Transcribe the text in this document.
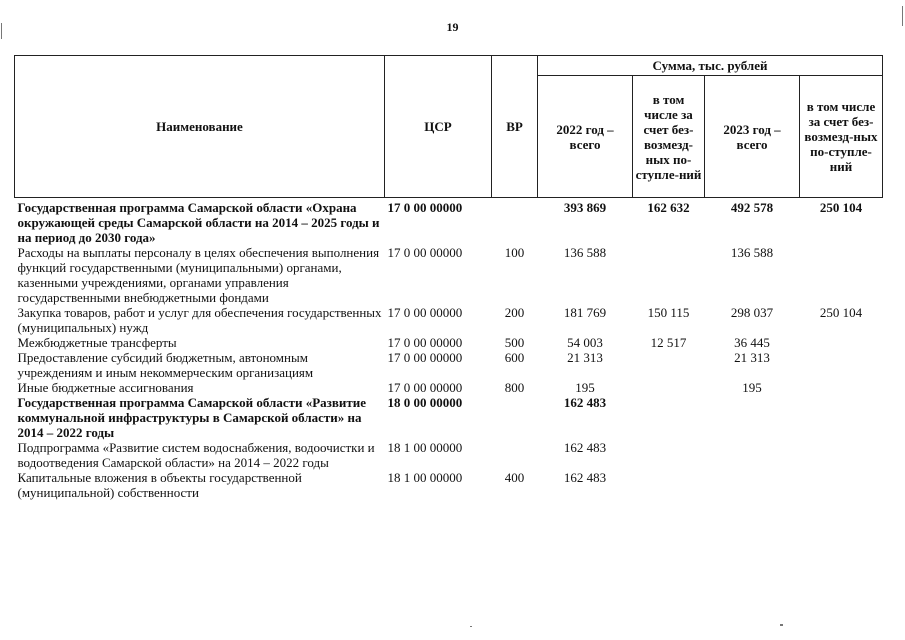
19
Наименование	ЦСР	ВР	Сумма, тыс. рублей			
			2022 год – всего	в том числе за счет без-возмезд-ных по-ступле-ний	2023 год – всего	в том числе за счет без-возмезд-ных по-ступле-ний
Государственная программа Самарской области «Охрана окружающей среды Самарской области на 2014 – 2025 годы и на период до 2030 года»	17 0 00 00000		393 869	162 632	492 578	250 104
Расходы на выплаты персоналу в целях обеспечения выполнения функций государственными (муниципальными) органами, казенными учреждениями, органами управления государственными внебюджетными фондами	17 0 00 00000	100	136 588		136 588	
Закупка товаров, работ и услуг для обеспечения государственных (муниципальных) нужд	17 0 00 00000	200	181 769	150 115	298 037	250 104
Межбюджетные трансферты	17 0 00 00000	500	54 003	12 517	36 445	
Предоставление субсидий бюджетным, автономным учреждениям и иным некоммерческим организациям	17 0 00 00000	600	21 313		21 313	
Иные бюджетные ассигнования	17 0 00 00000	800	195		195	
Государственная программа Самарской области «Развитие коммунальной инфраструктуры в Самарской области» на 2014 – 2022 годы	18 0 00 00000		162 483			
Подпрограмма «Развитие систем водоснабжения, водоочистки и водоотведения Самарской области» на 2014 – 2022 годы	18 1 00 00000		162 483			
Капитальные вложения в объекты государственной (муниципальной) собственности	18 1 00 00000	400	162 483			
